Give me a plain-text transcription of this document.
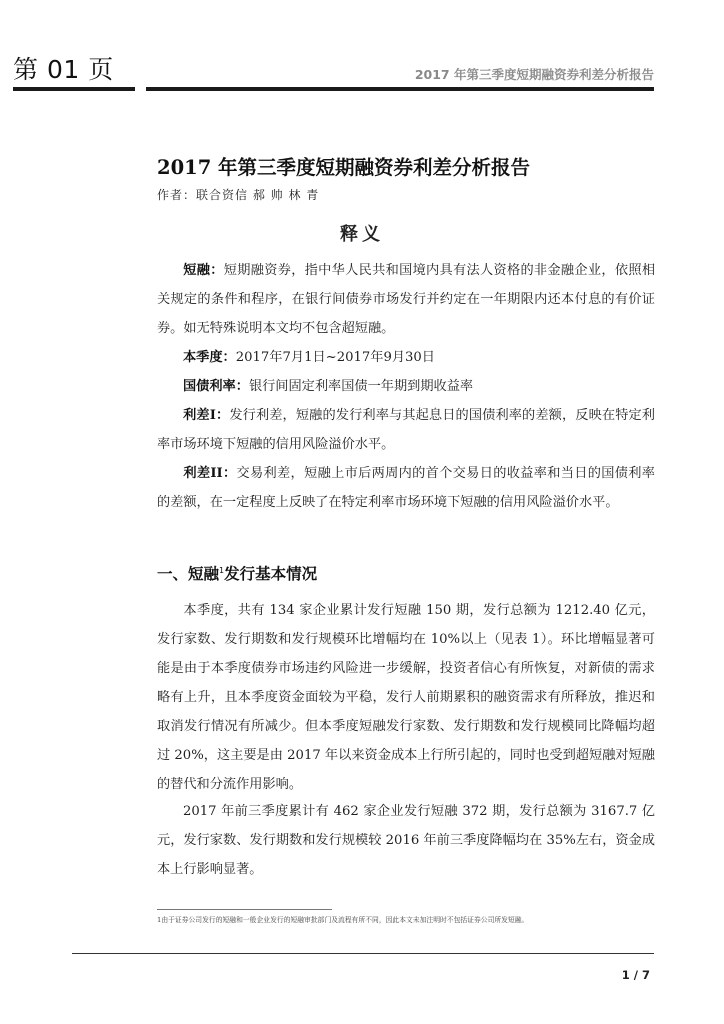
第 01 页	2017 年第三季度短期融资券利差分析报告
2017 年第三季度短期融资券利差分析报告
作者：联合资信 郝 帅 林 青
释义

短融：短期融资券，指中华人民共和国境内具有法人资格的非金融企业，依照相关规定的条件和程序，在银行间债券市场发行并约定在一年期限内还本付息的有价证券。如无特殊说明本文均不包含超短融。

本季度：2017年7月1日~2017年9月30日

国债利率：银行间固定利率国债一年期到期收益率

利差I：发行利差，短融的发行利率与其起息日的国债利率的差额，反映在特定利率市场环境下短融的信用风险溢价水平。

利差II：交易利差，短融上市后两周内的首个交易日的收益率和当日的国债利率的差额，在一定程度上反映了在特定利率市场环境下短融的信用风险溢价水平。

一、短融$^1$发行基本情况

本季度，共有 134 家企业累计发行短融 150 期，发行总额为 1212.40 亿元，发行家数、发行期数和发行规模环比增幅均在 10%以上（见表 1）。环比增幅显著可能是由于本季度债券市场违约风险进一步缓解，投资者信心有所恢复，对新债的需求略有上升，且本季度资金面较为平稳，发行人前期累积的融资需求有所释放，推迟和取消发行情况有所减少。但本季度短融发行家数、发行期数和发行规模同比降幅均超过 20%，这主要是由 2017 年以来资金成本上行所引起的，同时也受到超短融对短融的替代和分流作用影响。

2017 年前三季度累计有 462 家企业发行短融 372 期，发行总额为 3167.7 亿元，发行家数、发行期数和发行规模较 2016 年前三季度降幅均在 35%左右，资金成本上行影响显著。

1由于证券公司发行的短融和一般企业发行的短融审批部门及流程有所不同，因此本文未加注明时不包括证券公司所发短融。
1 / 7
